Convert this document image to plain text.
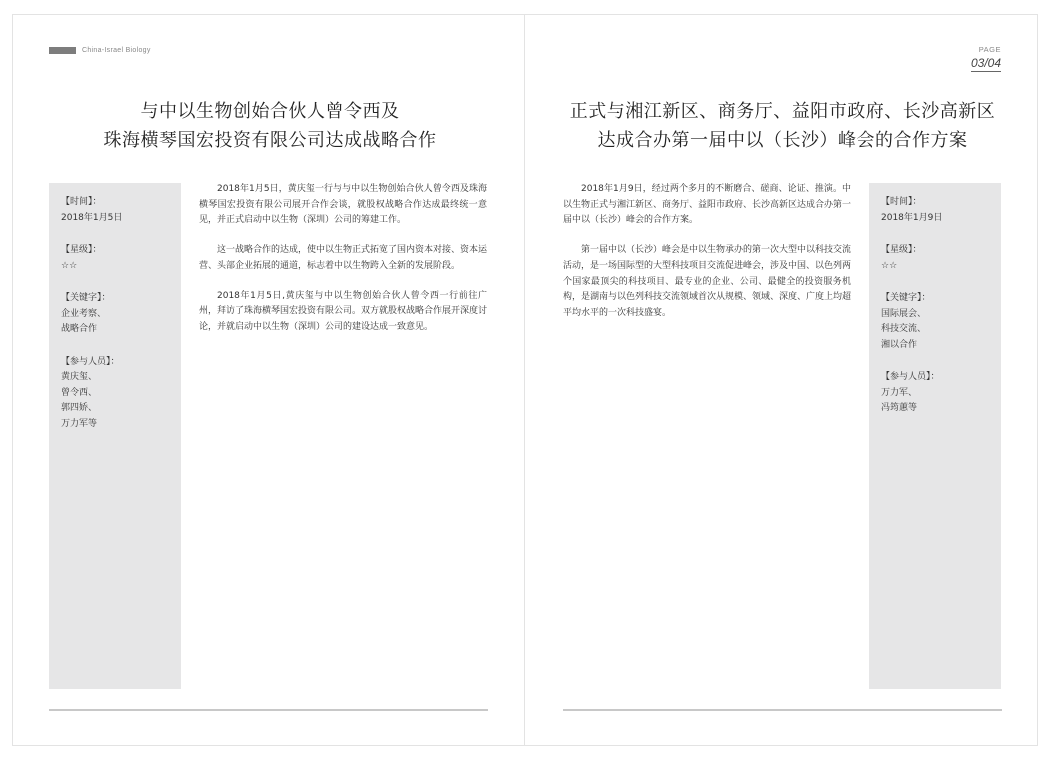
China-Israel Biology	PAGE
03/04
与中以生物创始合伙人曾令西及
珠海横琴国宏投资有限公司达成战略合作
正式与湘江新区、商务厅、益阳市政府、长沙高新区
达成合办第一届中以（长沙）峰会的合作方案
【时间】：
2018年1月5日
【星级】：
☆☆
【关键字】：
企业考察、
战略合作
【参与人员】：
黄庆玺、
曾令西、
郭四娇、
万力军等

2018年1月5日，黄庆玺一行与与中以生物创始合伙人曾令西及珠海横琴国宏投资有限公司展开合作会谈，就股权战略合作达成最终统一意见，并正式启动中以生物（深圳）公司的筹建工作。

这一战略合作的达成，使中以生物正式拓宽了国内资本对接、资本运营、头部企业拓展的通道，标志着中以生物跨入全新的发展阶段。

2018年1月5日,黄庆玺与中以生物创始合伙人曾令西一行前往广州，拜访了珠海横琴国宏投资有限公司。双方就股权战略合作展开深度讨论，并就启动中以生物（深圳）公司的建设达成一致意见。

2018年1月9日，经过两个多月的不断磨合、磋商、论证、推演。中以生物正式与湘江新区、商务厅、益阳市政府、长沙高新区达成合办第一届中以（长沙）峰会的合作方案。

第一届中以（长沙）峰会是中以生物承办的第一次大型中以科技交流活动，是一场国际型的大型科技项目交流促进峰会，涉及中国、以色列两个国家最顶尖的科技项目、最专业的企业、公司、最健全的投资服务机构，是湖南与以色列科技交流领域首次从规模、领域、深度、广度上均超平均水平的一次科技盛宴。

【时间】：
2018年1月9日
【星级】：
☆☆
【关键字】：
国际展会、
科技交流、
湘以合作
【参与人员】：
万力军、
冯筠蕙等
